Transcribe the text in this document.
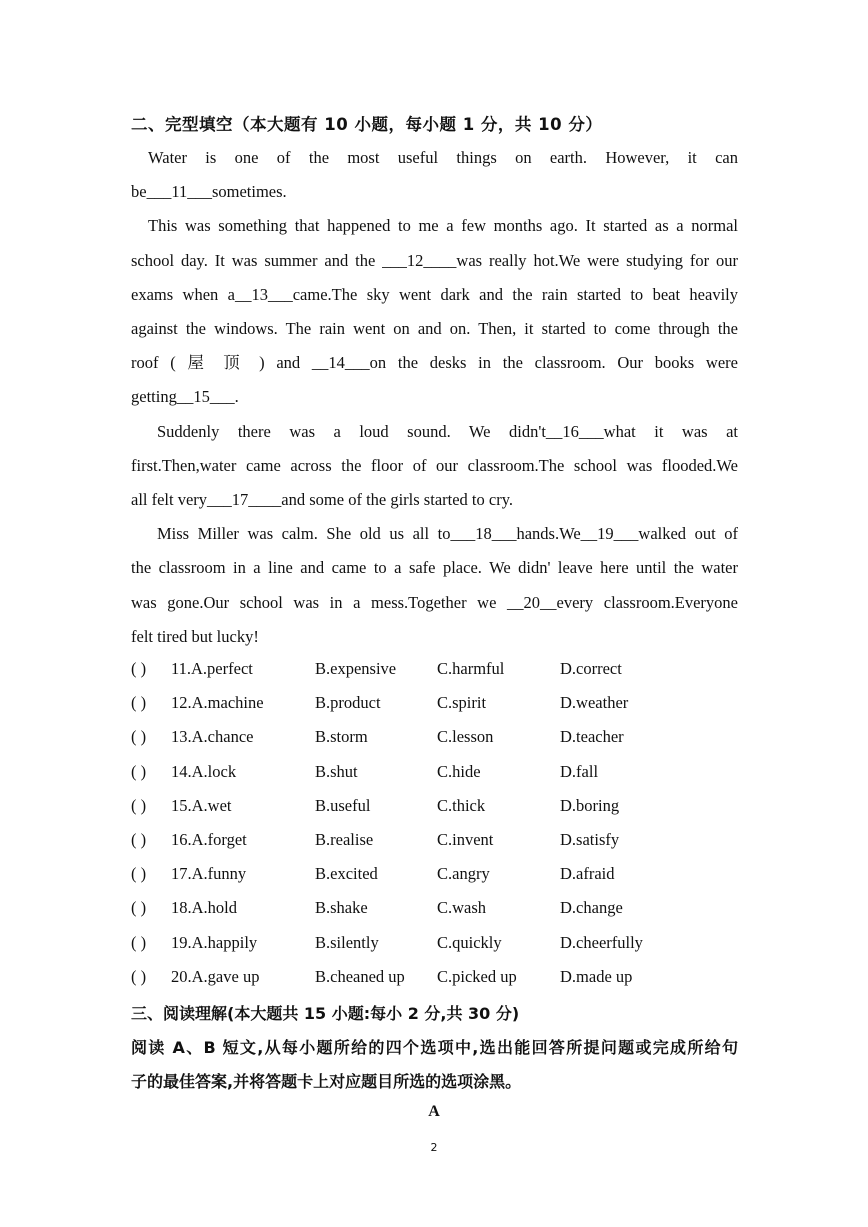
二、完型填空（本大题有 10 小题，每小题 1 分，共 10 分）
Water is one of the most useful things on earth. However, it can
be___11___sometimes.
This was something that happened to me a few months ago. It started as a normal
school day. It was summer and the ___12____was really hot.We were studying for our
exams when a__13___came.The sky went dark and the rain started to beat heavily
against the windows. The rain went on and on. Then, it started to come through the
roof ( 屋 顶 ) and __14___on the desks in the classroom. Our books were
getting__15___.
Suddenly there was a loud sound. We didn't__16___what it was at
first.Then,water came across the floor of our classroom.The school was flooded.We
all felt very___17____and some of the girls started to cry.
Miss Miller was calm. She old us all to___18___hands.We__19___walked out of
the classroom in a line and came to a safe place. We didn' leave here until the water
was gone.Our school was in a mess.Together we __20__every classroom.Everyone
felt tired but lucky!
( ) 11.A.perfect	B.expensive C.harmful	D.correct
( ) 12.A.machine	B.product	C.spirit	D.weather
( ) 13.A.chance	B.storm	C.lesson	D.teacher
( ) 14.A.lock	B.shut	C.hide	D.fall
( ) 15.A.wet	B.useful	C.thick	D.boring
( ) 16.A.forget	B.realise	C.invent	D.satisfy
( ) 17.A.funny	B.excited	C.angry	D.afraid
( ) 18.A.hold	B.shake	C.wash	D.change
( ) 19.A.happily	B.silently	C.quickly	D.cheerfully
( ) 20.A.gave up	B.cheaned up C.picked up	D.made up
三、阅读理解(本大题共 15 小题:每小 2 分,共 30 分)
阅读 A、B 短文,从每小题所给的四个选项中,选出能回答所提问题或完成所给句
子的最佳答案,并将答题卡上对应题目所选的选项涂黑。
A
2
